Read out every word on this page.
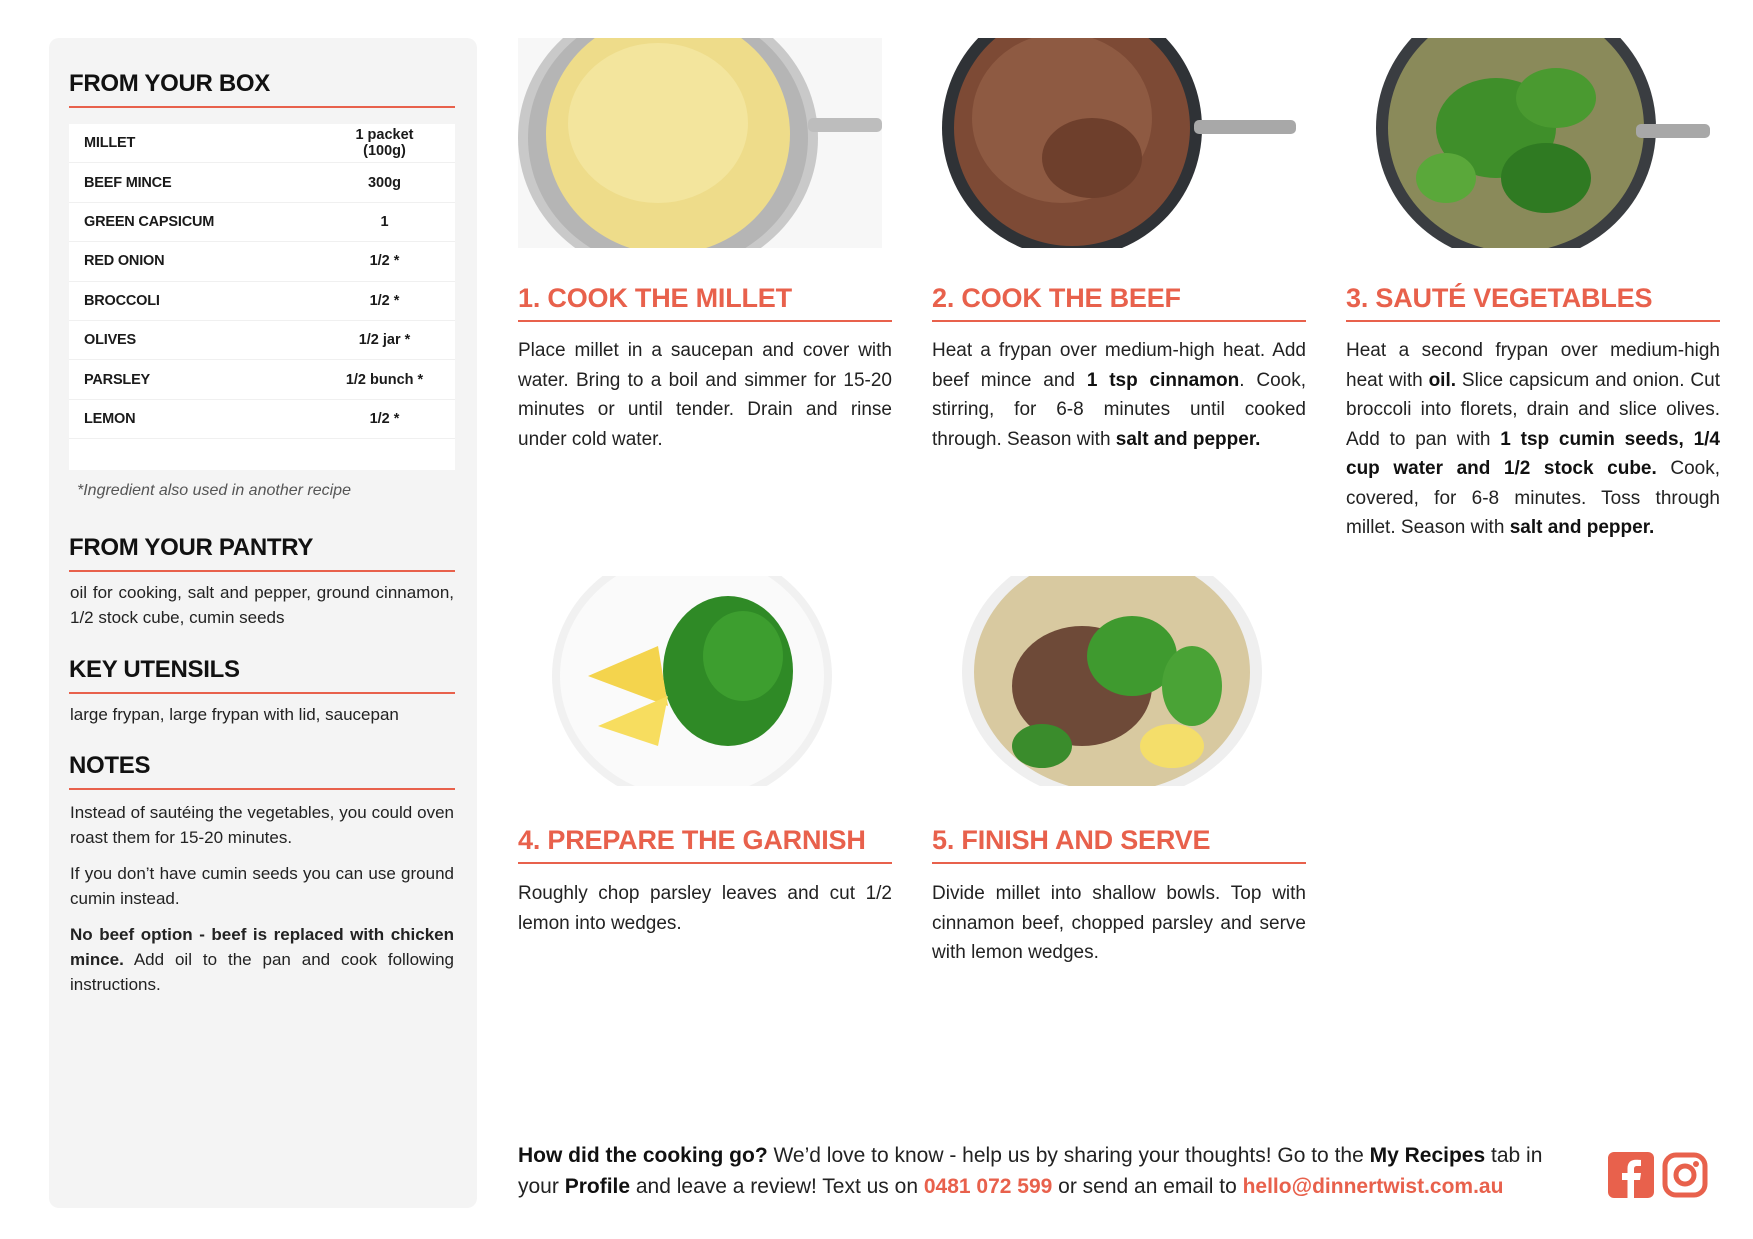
FROM YOUR BOX
MILLET	1 packet (100g)
BEEF MINCE	300g
GREEN CAPSICUM	1
RED ONION	1/2 *
BROCCOLI	1/2 *
OLIVES	1/2 jar *
PARSLEY	1/2 bunch *
LEMON	1/2 *
*Ingredient also used in another recipe
FROM YOUR PANTRY

oil for cooking, salt and pepper, ground cinnamon, 1/2 stock cube, cumin seeds

KEY UTENSILS

large frypan, large frypan with lid, saucepan

NOTES

Instead of sautéing the vegetables, you could oven roast them for 15-20 minutes.

If you don’t have cumin seeds you can use ground cumin instead.

No beef option - beef is replaced with chicken mince. Add oil to the pan and cook following instructions.

1. COOK THE MILLET

Place millet in a saucepan and cover with water. Bring to a boil and simmer for 15-20 minutes or until tender. Drain and rinse under cold water.

2. COOK THE BEEF

Heat a frypan over medium-high heat. Add beef mince and 1 tsp cinnamon. Cook, stirring, for 6-8 minutes until cooked through. Season with salt and pepper.

3. SAUTÉ VEGETABLES

Heat a second frypan over medium-high heat with oil. Slice capsicum and onion. Cut broccoli into florets, drain and slice olives. Add to pan with 1 tsp cumin seeds, 1/4 cup water and 1/2 stock cube. Cook, covered, for 6-8 minutes. Toss through millet. Season with salt and pepper.

4. PREPARE THE GARNISH

Roughly chop parsley leaves and cut 1/2 lemon into wedges.

5. FINISH AND SERVE

Divide millet into shallow bowls. Top with cinnamon beef, chopped parsley and serve with lemon wedges.

How did the cooking go? We’d love to know - help us by sharing your thoughts! Go to the My Recipes tab in your Profile and leave a review! Text us on 0481 072 599 or send an email to hello@dinnertwist.com.au
